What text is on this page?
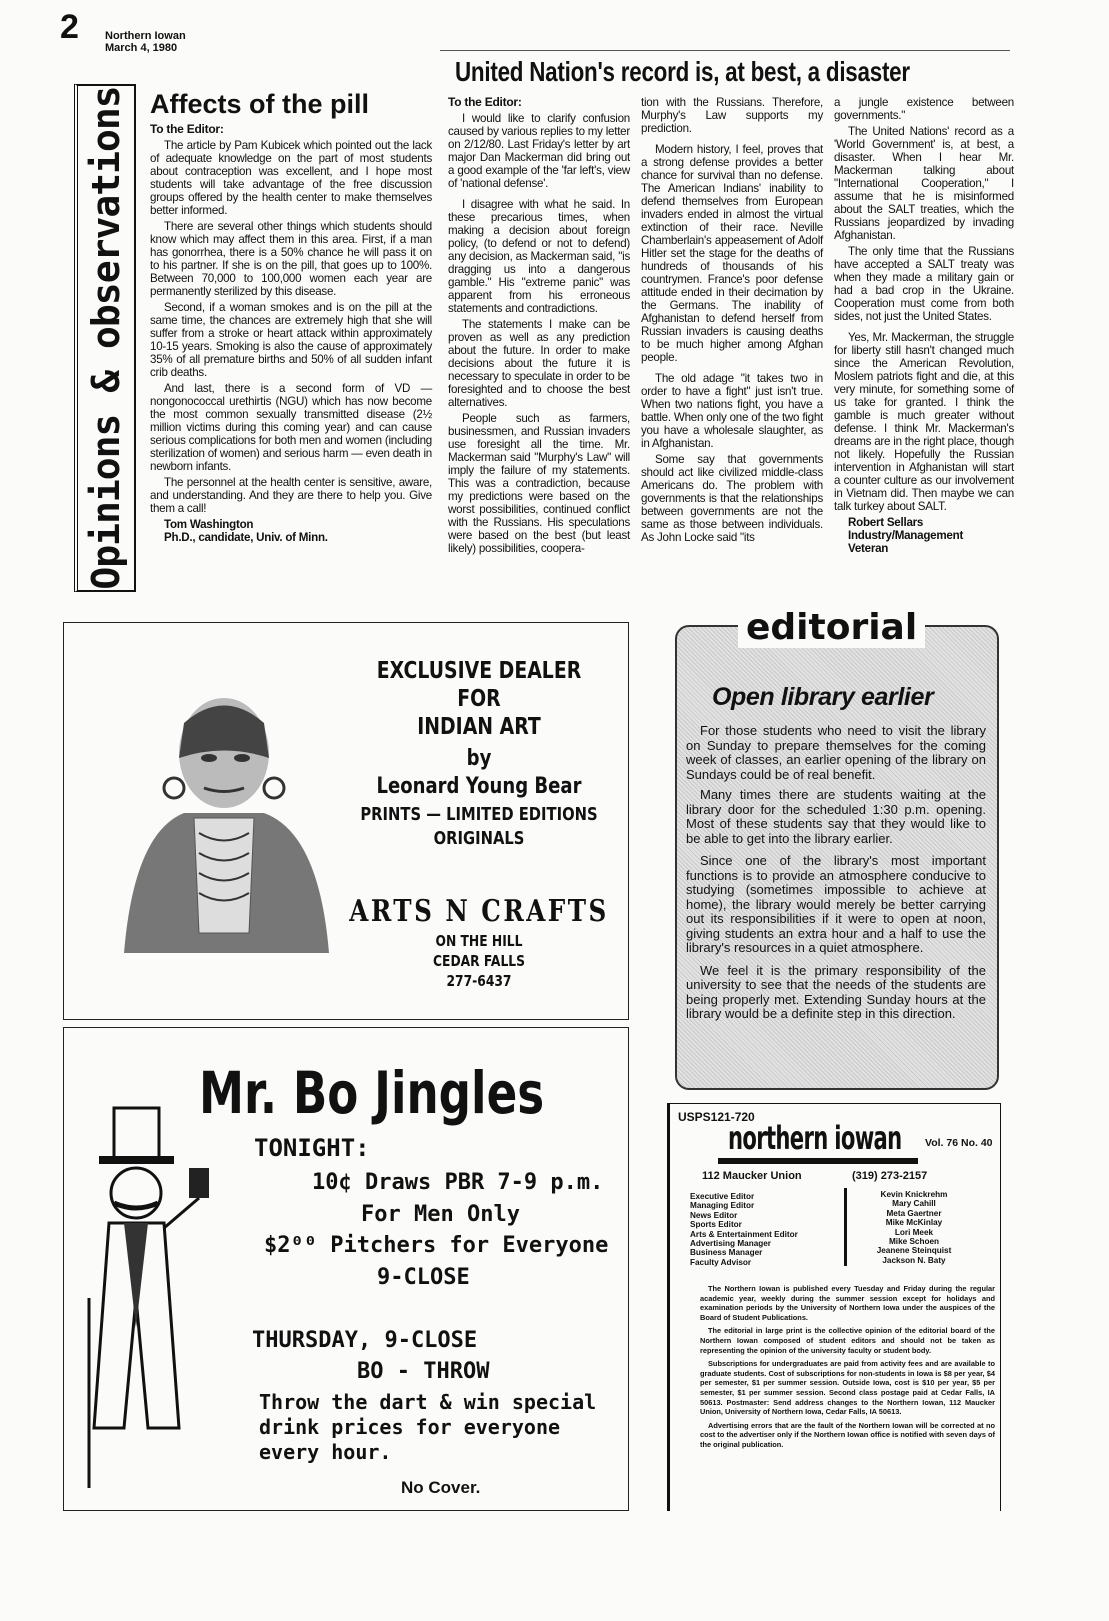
2 Northern Iowan
March 4, 1980
United Nation's record is, at best, a disaster
Opinions & observations Affects of the pill

To the Editor:

The article by Pam Kubicek which pointed out the lack of adequate knowledge on the part of most students about contraception was excellent, and I hope most students will take advantage of the free discussion groups offered by the health center to make themselves better informed.

There are several other things which students should know which may affect them in this area. First, if a man has gonorrhea, there is a 50% chance he will pass it on to his partner. If she is on the pill, that goes up to 100%. Between 70,000 to 100,000 women each year are permanently sterilized by this disease.

Second, if a woman smokes and is on the pill at the same time, the chances are extremely high that she will suffer from a stroke or heart attack within approximately 10-15 years. Smoking is also the cause of approximately 35% of all premature births and 50% of all sudden infant crib deaths.

And last, there is a second form of VD — nongonococcal urethirtis (NGU) which has now become the most common sexually transmitted disease (2½ million victims during this coming year) and can cause serious complications for both men and women (including sterilization of women) and serious harm — even death in newborn infants.

The personnel at the health center is sensitive, aware, and understanding. And they are there to help you. Give them a call!

Tom Washington
Ph.D., candidate, Univ. of Minn.

To the Editor:

I would like to clarify confusion caused by various replies to my letter on 2/12/80. Last Friday's letter by art major Dan Mackerman did bring out a good example of the 'far left's, view of 'national defense'.

I disagree with what he said. In these precarious times, when making a decision about foreign policy, (to defend or not to defend) any decision, as Mackerman said, "is dragging us into a dangerous gamble." His "extreme panic" was apparent from his erroneous statements and contradictions.

The statements I make can be proven as well as any prediction about the future. In order to make decisions about the future it is necessary to speculate in order to be foresighted and to choose the best alternatives.

People such as farmers, businessmen, and Russian invaders use foresight all the time. Mr. Mackerman said "Murphy's Law" will imply the failure of my statements. This was a contradiction, because my predictions were based on the worst possibilities, continued conflict with the Russians. His speculations were based on the best (but least likely) possibilities, coopera-

tion with the Russians. Therefore, Murphy's Law supports my prediction.

Modern history, I feel, proves that a strong defense provides a better chance for survival than no defense. The American Indians' inability to defend themselves from European invaders ended in almost the virtual extinction of their race. Neville Chamberlain's appeasement of Adolf Hitler set the stage for the deaths of hundreds of thousands of his countrymen. France's poor defense attitude ended in their decimation by the Germans. The inability of Afghanistan to defend herself from Russian invaders is causing deaths to be much higher among Afghan people.

The old adage "it takes two in order to have a fight" just isn't true. When two nations fight, you have a battle. When only one of the two fight you have a wholesale slaughter, as in Afghanistan.

Some say that governments should act like civilized middle-class Americans do. The problem with governments is that the relationships between governments are not the same as those between individuals. As John Locke said "its

a jungle existence between governments."

The United Nations' record as a 'World Government' is, at best, a disaster. When I hear Mr. Mackerman talking about "International Cooperation," I assume that he is misinformed about the SALT treaties, which the Russians jeopardized by invading Afghanistan.

The only time that the Russians have accepted a SALT treaty was when they made a military gain or had a bad crop in the Ukraine. Cooperation must come from both sides, not just the United States.

Yes, Mr. Mackerman, the struggle for liberty still hasn't changed much since the American Revolution, Moslem patriots fight and die, at this very minute, for something some of us take for granted. I think the gamble is much greater without defense. I think Mr. Mackerman's dreams are in the right place, though not likely. Hopefully the Russian intervention in Afghanistan will start a counter culture as our involvement in Vietnam did. Then maybe we can talk turkey about SALT.

Robert Sellars
Industry/Management
Veteran
EXCLUSIVE DEALER
FOR
INDIAN ART
by
Leonard Young Bear
PRINTS — LIMITED EDITIONS
ORIGINALS
ARTS N CRAFTS
ON THE HILL
CEDAR FALLS
277-6437
Mr. Bo Jingles
TONIGHT:
10¢ Draws PBR 7-9 p.m.
For Men Only
$2⁰⁰ Pitchers for Everyone
9-CLOSE
THURSDAY, 9-CLOSE
BO - THROW
Throw the dart & win special drink prices for everyone every hour.
No Cover.
editorial
Open library earlier

For those students who need to visit the library on Sunday to prepare themselves for the coming week of classes, an earlier opening of the library on Sundays could be of real benefit.

Many times there are students waiting at the library door for the scheduled 1:30 p.m. opening. Most of these students say that they would like to be able to get into the library earlier.

Since one of the library's most important functions is to provide an atmosphere conducive to studying (sometimes impossible to achieve at home), the library would merely be better carrying out its responsibilities if it were to open at noon, giving students an extra hour and a half to use the library's resources in a quiet atmosphere.

We feel it is the primary responsibility of the university to see that the needs of the students are being properly met. Extending Sunday hours at the library would be a definite step in this direction.

USPS121-720
northern iowan Vol. 76 No. 40
112 Maucker Union	(319) 273-2157
Executive Editor
Managing Editor
News Editor
Sports Editor
Arts & Entertainment Editor
Advertising Manager
Business Manager
Faculty Advisor
Kevin Knickrehm
Mary Cahill
Meta Gaertner
Mike McKinlay
Lori Meek
Mike Schoen
Jeanene Steinquist
Jackson N. Baty

The Northern Iowan is published every Tuesday and Friday during the regular academic year, weekly during the summer session except for holidays and examination periods by the University of Northern Iowa under the auspices of the Board of Student Publications.

The editorial in large print is the collective opinion of the editorial board of the Northern Iowan composed of student editors and should not be taken as representing the opinion of the university faculty or student body.

Subscriptions for undergraduates are paid from activity fees and are available to graduate students. Cost of subscriptions for non-students in Iowa is $8 per year, $4 per semester, $1 per summer session. Outside Iowa, cost is $10 per year, $5 per semester, $1 per summer session. Second class postage paid at Cedar Falls, IA 50613. Postmaster: Send address changes to the Northern Iowan, 112 Maucker Union, University of Northern Iowa, Cedar Falls, IA 50613.

Advertising errors that are the fault of the Northern Iowan will be corrected at no cost to the advertiser only if the Northern Iowan office is notified with seven days of the original publication.
